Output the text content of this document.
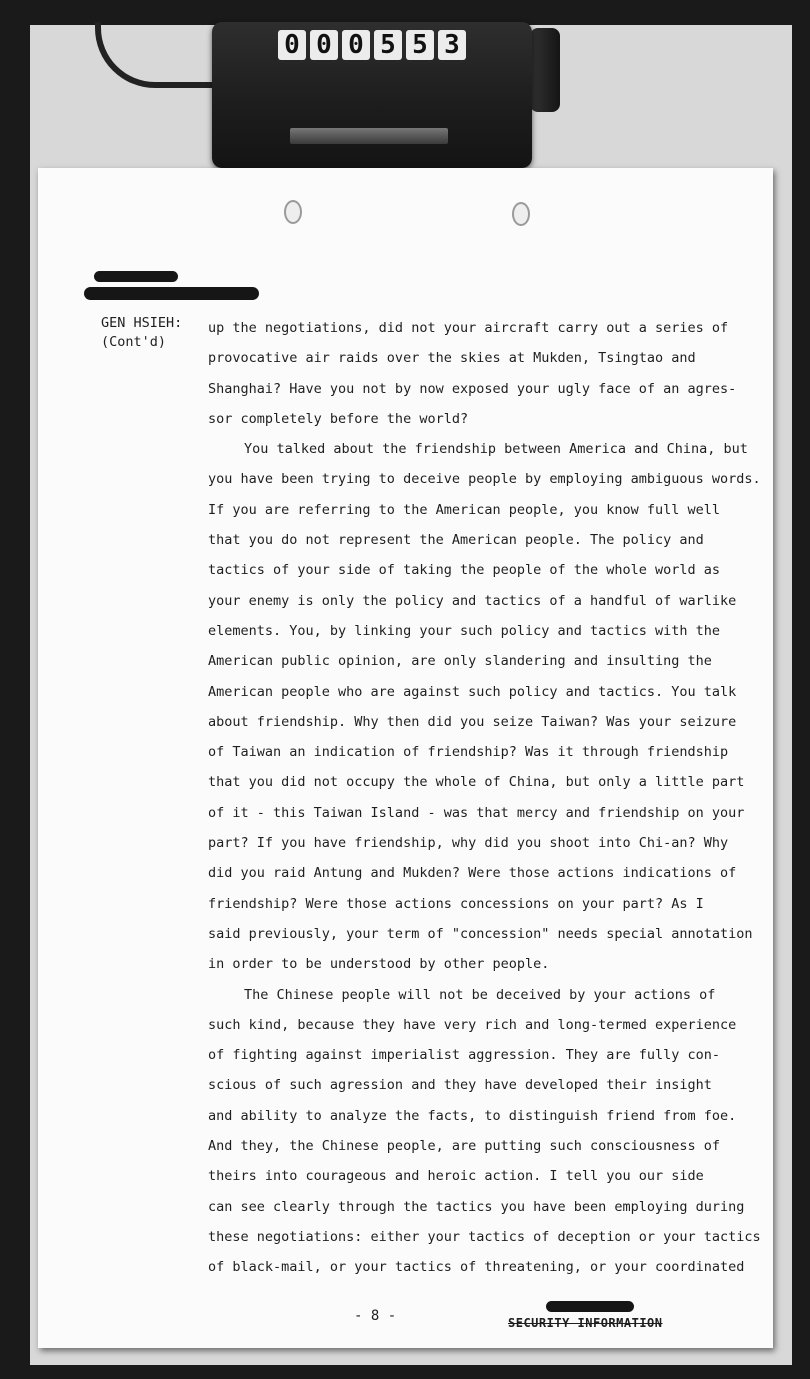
0 0 0 5 5 3
GEN HSIEH:
(Cont'd)
up the negotiations, did not your aircraft carry out a series of
provocative air raids over the skies at Mukden, Tsingtao and
Shanghai? Have you not by now exposed your ugly face of an agres-
sor completely before the world?
You talked about the friendship between America and China, but
you have been trying to deceive people by employing ambiguous words.
If you are referring to the American people, you know full well
that you do not represent the American people. The policy and
tactics of your side of taking the people of the whole world as
your enemy is only the policy and tactics of a handful of warlike
elements. You, by linking your such policy and tactics with the
American public opinion, are only slandering and insulting the
American people who are against such policy and tactics. You talk
about friendship. Why then did you seize Taiwan? Was your seizure
of Taiwan an indication of friendship? Was it through friendship
that you did not occupy the whole of China, but only a little part
of it - this Taiwan Island - was that mercy and friendship on your
part? If you have friendship, why did you shoot into Chi-an? Why
did you raid Antung and Mukden? Were those actions indications of
friendship? Were those actions concessions on your part? As I
said previously, your term of "concession" needs special annotation
in order to be understood by other people.
The Chinese people will not be deceived by your actions of
such kind, because they have very rich and long-termed experience
of fighting against imperialist aggression. They are fully con-
scious of such agression and they have developed their insight
and ability to analyze the facts, to distinguish friend from foe.
And they, the Chinese people, are putting such consciousness of
theirs into courageous and heroic action. I tell you our side
can see clearly through the tactics you have been employing during
these negotiations: either your tactics of deception or your tactics
of black-mail, or your tactics of threatening, or your coordinated
- 8 -	SECURITY INFORMATION
